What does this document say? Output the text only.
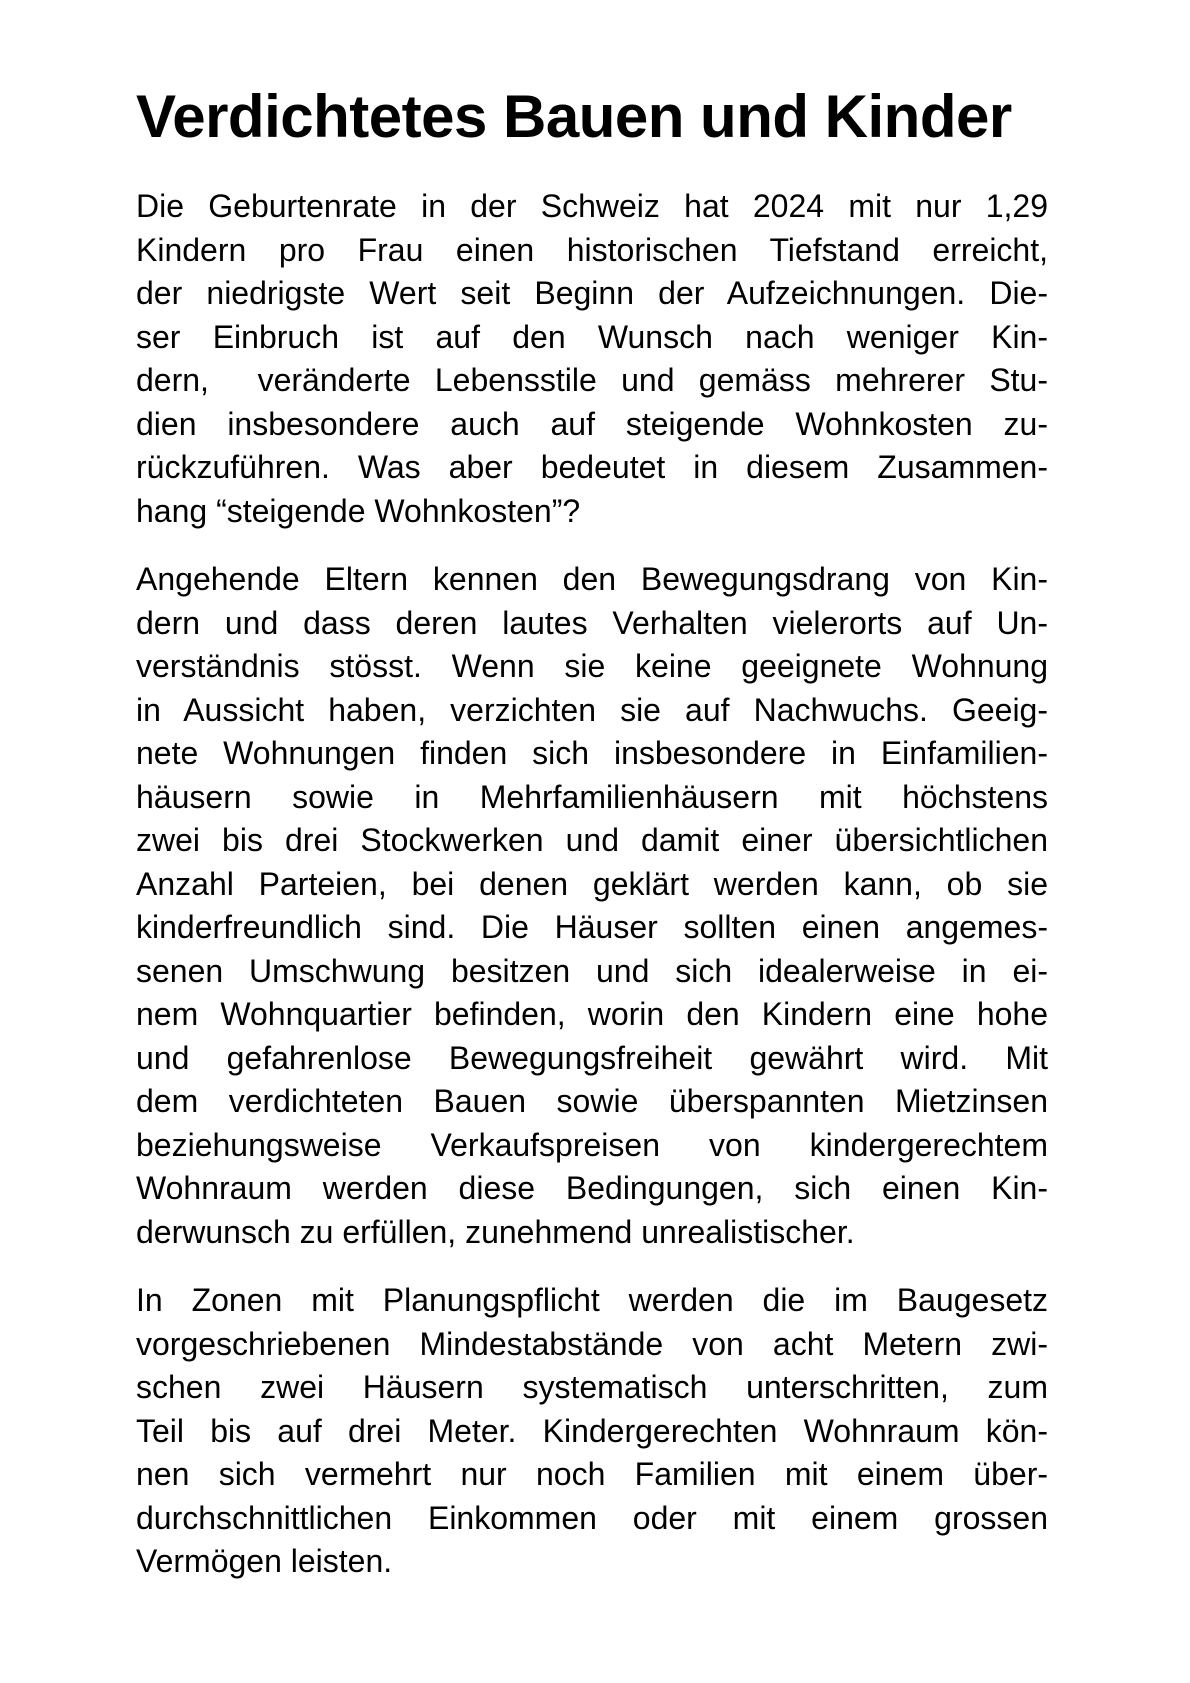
Verdichtetes Bauen und Kinder
Die Geburtenrate in der Schweiz hat 2024 mit nur 1,29
Kindern pro Frau einen historischen Tiefstand erreicht,
der niedrigste Wert seit Beginn der Aufzeichnungen. Die-
ser Einbruch ist auf den Wunsch nach weniger Kin-
dern,  veränderte Lebensstile und gemäss mehrerer Stu-
dien insbesondere auch auf steigende Wohnkosten zu-
rückzuführen. Was aber bedeutet in diesem Zusammen-
hang “steigende Wohnkosten”?
Angehende Eltern kennen den Bewegungsdrang von Kin-
dern und dass deren lautes Verhalten vielerorts auf Un-
verständnis stösst. Wenn sie keine geeignete Wohnung
in Aussicht haben, verzichten sie auf Nachwuchs. Geeig-
nete Wohnungen finden sich insbesondere in Einfamilien-
häusern sowie in Mehrfamilienhäusern mit höchstens
zwei bis drei Stockwerken und damit einer übersichtlichen
Anzahl Parteien, bei denen geklärt werden kann, ob sie
kinderfreundlich sind. Die Häuser sollten einen angemes-
senen Umschwung besitzen und sich idealerweise in ei-
nem Wohnquartier befinden, worin den Kindern eine hohe
und gefahrenlose Bewegungsfreiheit gewährt wird. Mit
dem verdichteten Bauen sowie überspannten Mietzinsen
beziehungsweise Verkaufspreisen von kindergerechtem
Wohnraum werden diese Bedingungen, sich einen Kin-
derwunsch zu erfüllen, zunehmend unrealistischer.
In Zonen mit Planungspflicht werden die im Baugesetz
vorgeschriebenen Mindestabstände von acht Metern zwi-
schen zwei Häusern systematisch unterschritten, zum
Teil bis auf drei Meter. Kindergerechten Wohnraum kön-
nen sich vermehrt nur noch Familien mit einem über-
durchschnittlichen Einkommen oder mit einem grossen
Vermögen leisten.
